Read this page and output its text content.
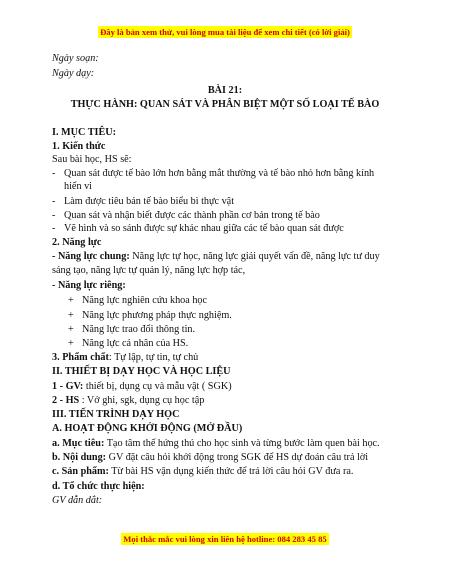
Đây là bản xem thử, vui lòng mua tài liệu để xem chi tiết (có lời giải)
Ngày soạn:
Ngày dạy:
BÀI 21:
THỰC HÀNH: QUAN SÁT VÀ PHÂN BIỆT MỘT SỐ LOẠI TẾ BÀO
I. MỤC TIÊU:
1. Kiến thức
Sau bài học, HS sẽ:
- Quan sát được tế bào lớn hơn bằng mắt thường và tế bào nhỏ hơn bằng kính
hiển vi
- Làm được tiêu bản tế bào biểu bì thực vật
- Quan sát và nhận biết được các thành phần cơ bản trong tế bào
- Vẽ hình và so sánh được sự khác nhau giữa các tế bào quan sát được
2. Năng lực
- Năng lực chung: Năng lực tự học, năng lực giải quyết vấn đề, năng lực tư duy
sáng tạo, năng lực tự quản lý, năng lực hợp tác,
- Năng lực riêng:
+ Năng lực nghiên cứu khoa học
+ Năng lực phương pháp thực nghiệm.
+ Năng lực trao đổi thông tin.
+ Năng lực cá nhân của HS.
3. Phẩm chất: Tự lập, tự tin, tự chủ
II. THIẾT BỊ DẠY HỌC VÀ HỌC LIỆU
1 - GV: thiết bị, dụng cụ và mẫu vật ( SGK)
2 - HS : Vở ghi, sgk, dụng cụ học tập
III. TIẾN TRÌNH DẠY HỌC
A. HOẠT ĐỘNG KHỞI ĐỘNG (MỞ ĐẦU)
a. Mục tiêu: Tạo tâm thế hứng thú cho học sinh và từng bước làm quen bài học.
b. Nội dung: GV đặt câu hỏi khởi động trong SGK để HS dự đoán câu trả lời
c. Sản phẩm: Từ bài HS vận dụng kiến thức để trả lời câu hỏi GV đưa ra.
d. Tổ chức thực hiện:
GV dẫn dắt:
Mọi thắc mắc vui lòng xin liên hệ hotline: 084 283 45 85
